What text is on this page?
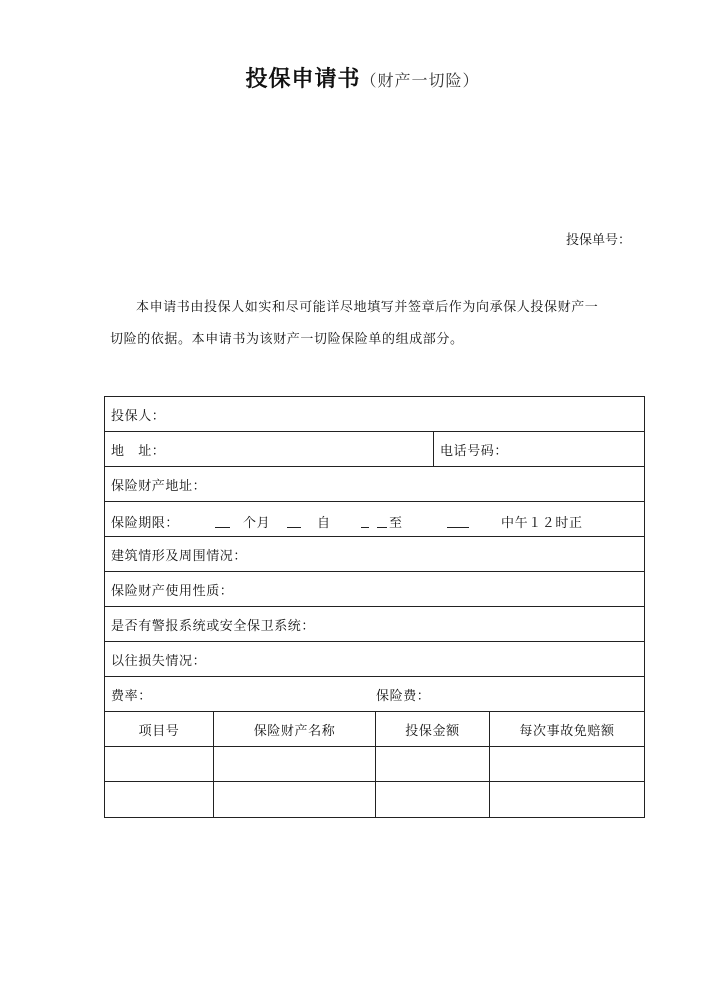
投保申请书（财产一切险）
投保单号：

本申请书由投保人如实和尽可能详尽地填写并签章后作为向承保人投保财产一

切险的依据。本申请书为该财产一切险保险单的组成部分。

投保人：
地　址：	电话号码：
保险财产地址：
保险期限：	个月	自	至	中午１２时正
建筑情形及周围情况：
保险财产使用性质：
是否有警报系统或安全保卫系统：
以往损失情况：
费率：	保险费：
项目号	保险财产名称	投保金额	每次事故免赔额
